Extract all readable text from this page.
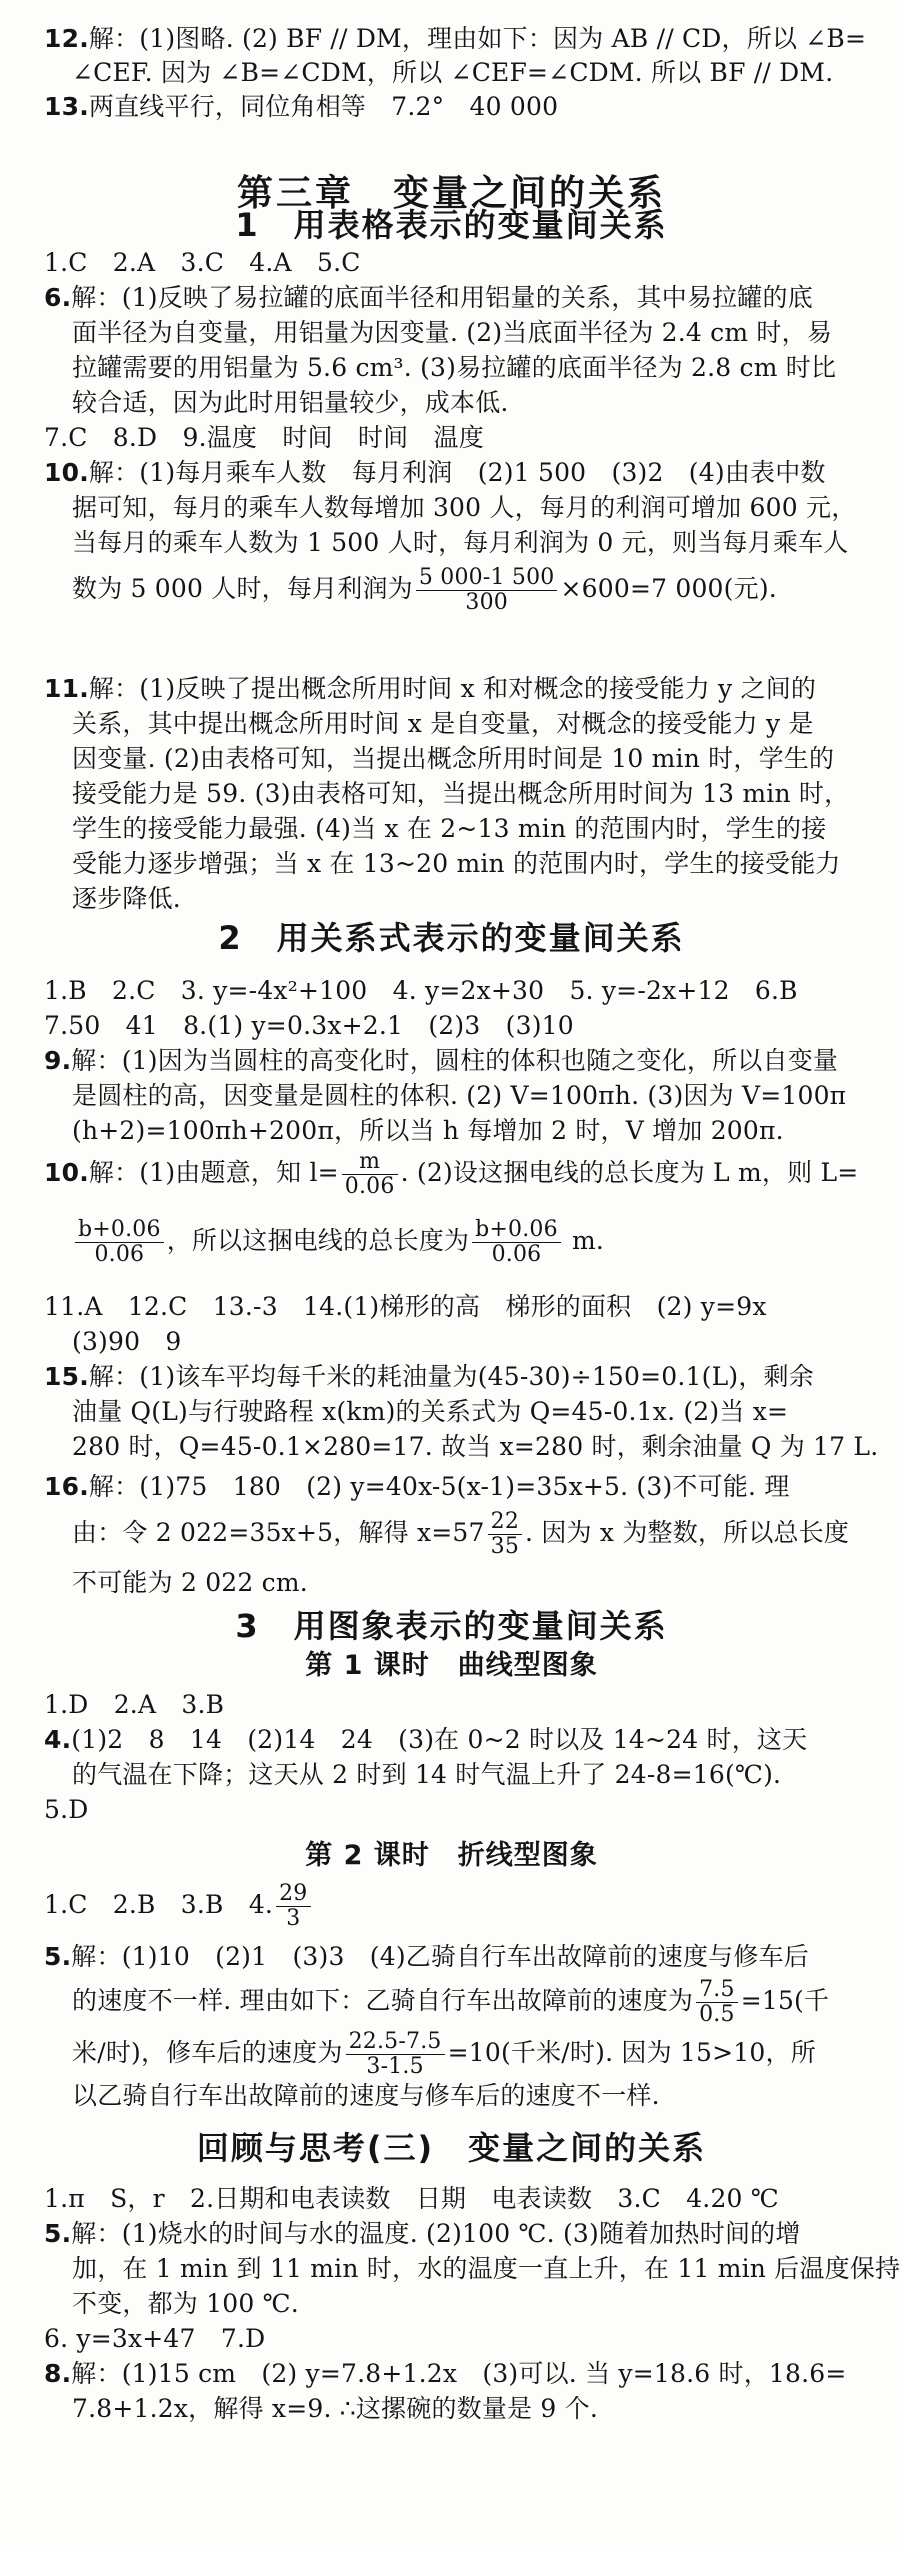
12.解：(1)图略. (2) BF // DM，理由如下：因为 AB // CD，所以 ∠B=
∠CEF. 因为 ∠B=∠CDM，所以 ∠CEF=∠CDM. 所以 BF // DM.
13.两直线平行，同位角相等　7.2°　40 000
1.C　2.A　3.C　4.A　5.C
6.解：(1)反映了易拉罐的底面半径和用铝量的关系，其中易拉罐的底
面半径为自变量，用铝量为因变量. (2)当底面半径为 2.4 cm 时，易
拉罐需要的用铝量为 5.6 cm³. (3)易拉罐的底面半径为 2.8 cm 时比
较合适，因为此时用铝量较少，成本低.
7.C　8.D　9.温度　时间　时间　温度
10.解：(1)每月乘车人数　每月利润　(2)1 500　(3)2　(4)由表中数
据可知，每月的乘车人数每增加 300 人，每月的利润可增加 600 元，
当每月的乘车人数为 1 500 人时，每月利润为 0 元，则当每月乘车人
11.解：(1)反映了提出概念所用时间 x 和对概念的接受能力 y 之间的
关系，其中提出概念所用时间 x 是自变量，对概念的接受能力 y 是
因变量. (2)由表格可知，当提出概念所用时间是 10 min 时，学生的
接受能力是 59. (3)由表格可知，当提出概念所用时间为 13 min 时，
学生的接受能力最强. (4)当 x 在 2~13 min 的范围内时，学生的接
受能力逐步增强；当 x 在 13~20 min 的范围内时，学生的接受能力
逐步降低.
1.B　2.C　3. y=-4x²+100　4. y=2x+30　5. y=-2x+12　6.B
7.50　41　8.(1) y=0.3x+2.1　(2)3　(3)10
9.解：(1)因为当圆柱的高变化时，圆柱的体积也随之变化，所以自变量
是圆柱的高，因变量是圆柱的体积. (2) V=100πh. (3)因为 V=100π
(h+2)=100πh+200π，所以当 h 每增加 2 时，V 增加 200π.
11.A　12.C　13.-3　14.(1)梯形的高　梯形的面积　(2) y=9x
(3)90　9
15.解：(1)该车平均每千米的耗油量为(45-30)÷150=0.1(L)，剩余
油量 Q(L)与行驶路程 x(km)的关系式为 Q=45-0.1x. (2)当 x=
280 时，Q=45-0.1×280=17. 故当 x=280 时，剩余油量 Q 为 17 L.
16.解：(1)75　180　(2) y=40x-5(x-1)=35x+5. (3)不可能. 理
不可能为 2 022 cm.
1.D　2.A　3.B
4.(1)2　8　14　(2)14　24　(3)在 0~2 时以及 14~24 时，这天
的气温在下降；这天从 2 时到 14 时气温上升了 24-8=16(℃).
5.D
5.解：(1)10　(2)1　(3)3　(4)乙骑自行车出故障前的速度与修车后
以乙骑自行车出故障前的速度与修车后的速度不一样.
1.π　S，r　2.日期和电表读数　日期　电表读数　3.C　4.20 ℃
5.解：(1)烧水的时间与水的温度. (2)100 ℃. (3)随着加热时间的增
加，在 1 min 到 11 min 时，水的温度一直上升，在 11 min 后温度保持
不变，都为 100 ℃.
6. y=3x+47　7.D
8.解：(1)15 cm　(2) y=7.8+1.2x　(3)可以. 当 y=18.6 时，18.6=
7.8+1.2x，解得 x=9. ∴这摞碗的数量是 9 个.
第三章　变量之间的关系
1　用表格表示的变量间关系
数为 5 000 人时，每月利润为 $\frac{5 000-1 500}{300} \times 600=7$ 000(元).
2　用关系式表示的变量间关系
10.解：(1)由题意，知 $l= \frac{m}{0.06}$ . (2)设这捆电线的总长度为 L m，则 L=
$\frac{b+0.06}{0.06}$ ，所以这捆电线的总长度为 $\frac{b+0.06}{0.06} m$.
由：令 2 022=35x+5，解得 $x=57 \frac{22}{35}$ . 因为 x 为整数，所以总长度
3　用图象表示的变量间关系
第 1 课时　曲线型图象
第 2 课时　折线型图象
1.C　2.B　3.B　4. $\frac{29}{3}$
的速度不一样. 理由如下：乙骑自行车出故障前的速度为 $\frac{7.5}{0.5} =15$(千
米/时)，修车后的速度为 $\frac{22.5-7.5}{3-1.5} =10$(千米/时). 因为 15>10，所
回顾与思考(三)　变量之间的关系
